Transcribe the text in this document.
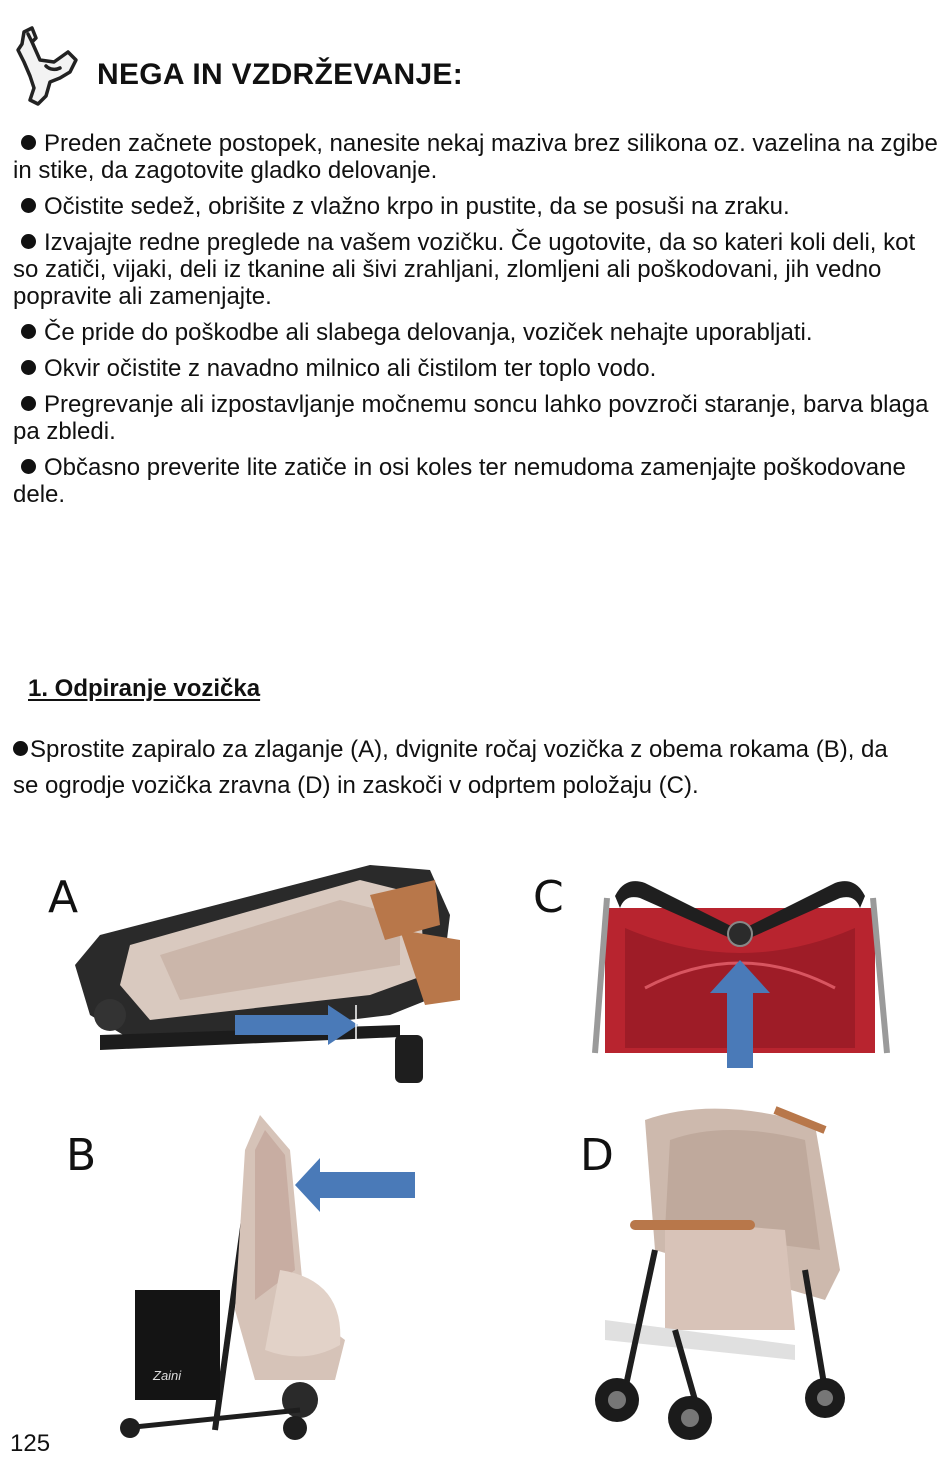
NEGA IN VZDRŽEVANJE:
Preden začnete postopek, nanesite nekaj maziva brez silikona oz. vazelina na zgibe in stike, da zagotovite gladko delovanje.
Očistite sedež, obrišite z vlažno krpo in pustite, da se posuši na zraku.
Izvajajte redne preglede na vašem vozičku. Če ugotovite, da so kateri koli deli, kot so zatiči, vijaki, deli iz tkanine ali šivi zrahljani, zlomljeni ali poškodovani, jih vedno popravite ali zamenjajte.
Če pride do poškodbe ali slabega delovanja, voziček nehajte uporabljati.
Okvir očistite z navadno milnico ali čistilom ter toplo vodo.
Pregrevanje ali izpostavljanje močnemu soncu lahko povzroči staranje, barva blaga pa zbledi.
Občasno preverite lite zatiče in osi koles ter nemudoma zamenjajte poškodovane dele.
1. Odpiranje vozička

Sprostite zapiralo za zlaganje (A), dvignite ročaj vozička z obema rokama (B), da se ogrodje vozička zravna (D) in zaskoči v odprtem položaju (C).

A	C
B	D
Zaini
125
